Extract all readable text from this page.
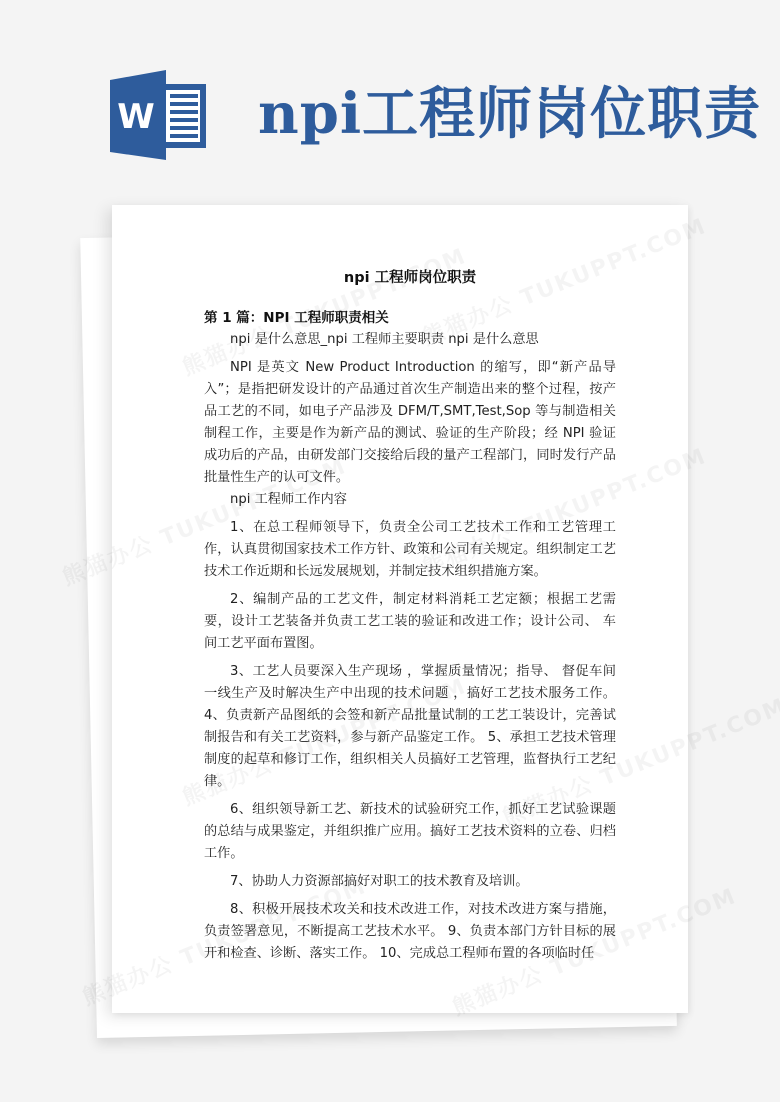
W npi工程师岗位职责
npi 工程师岗位职责
第 1 篇：NPI 工程师职责相关

npi 是什么意思_npi 工程师主要职责 npi 是什么意思

NPI 是英文 New Product Introduction 的缩写，即“新产品导入”；是指把研发设计的产品通过首次生产制造出来的整个过程，按产品工艺的不同，如电子产品涉及 DFM/T,SMT,Test,Sop 等与制造相关制程工作，主要是作为新产品的测试、验证的生产阶段；经 NPI 验证成功后的产品，由研发部门交接给后段的量产工程部门，同时发行产品批量性生产的认可文件。

npi 工程师工作内容

1、在总工程师领导下，负责全公司工艺技术工作和工艺管理工作，认真贯彻国家技术工作方针、政策和公司有关规定。组织制定工艺技术工作近期和长远发展规划，并制定技术组织措施方案。

2、编制产品的工艺文件，制定材料消耗工艺定额；根据工艺需要，设计工艺装备并负责工艺工装的验证和改进工作；设计公司、 车间工艺平面布置图。

3、工艺人员要深入生产现场 ，掌握质量情况；指导、 督促车间一线生产及时解决生产中出现的技术问题 ，搞好工艺技术服务工作。 4、负责新产品图纸的会签和新产品批量试制的工艺工装设计，完善试制报告和有关工艺资料，参与新产品鉴定工作。 5、承担工艺技术管理制度的起草和修订工作，组织相关人员搞好工艺管理，监督执行工艺纪律。

6、组织领导新工艺、新技术的试验研究工作，抓好工艺试验课题的总结与成果鉴定，并组织推广应用。搞好工艺技术资料的立卷、归档工作。

7、协助人力资源部搞好对职工的技术教育及培训。

8、积极开展技术攻关和技术改进工作，对技术改进方案与措施，负责签署意见，不断提高工艺技术水平。 9、负责本部门方针目标的展开和检查、诊断、落实工作。 10、完成总工程师布置的各项临时任
